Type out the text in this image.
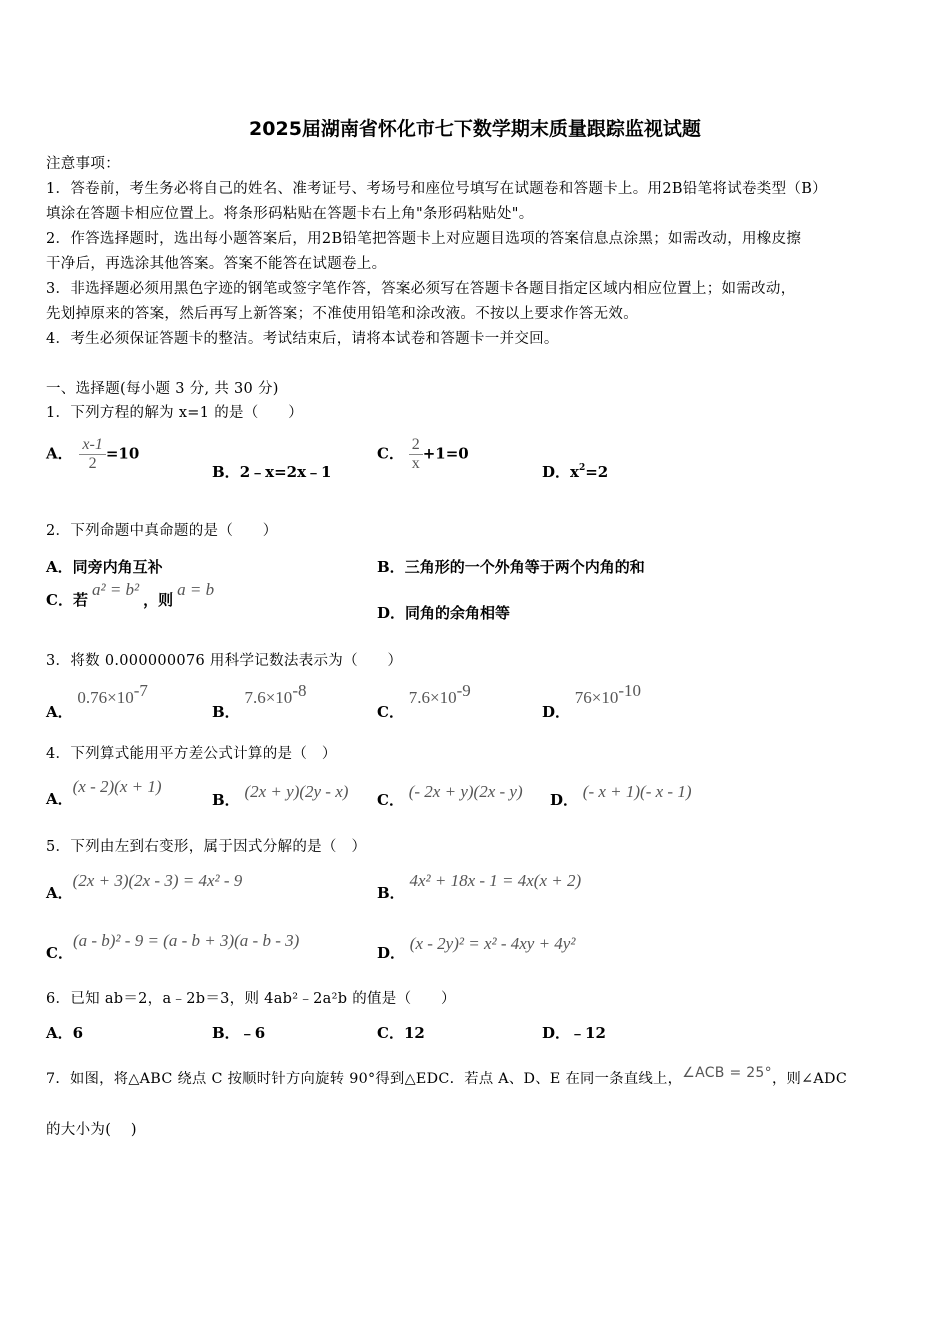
2025届湖南省怀化市七下数学期末质量跟踪监视试题
注意事项：
1．答卷前，考生务必将自己的姓名、准考证号、考场号和座位号填写在试题卷和答题卡上。用2B铅笔将试卷类型（B）
填涂在答题卡相应位置上。将条形码粘贴在答题卡右上角"条形码粘贴处"。
2．作答选择题时，选出每小题答案后，用2B铅笔把答题卡上对应题目选项的答案信息点涂黑；如需改动，用橡皮擦
干净后，再选涂其他答案。答案不能答在试题卷上。
3．非选择题必须用黑色字迹的钢笔或签字笔作答，答案必须写在答题卡各题目指定区域内相应位置上；如需改动，
先划掉原来的答案，然后再写上新答案；不准使用铅笔和涂改液。不按以上要求作答无效。
4．考生必须保证答题卡的整洁。考试结束后，请将本试卷和答题卡一并交回。
一、选择题(每小题 3 分, 共 30 分)
1．下列方程的解为 x=1 的是（　　）
A． $\frac{x-1}{2} =10$
B．2﹣x=2x﹣1
C． $\frac{2}{x} +1=0$
D．$x^2=2$
2．下列命题中真命题的是（　　）
A．同旁内角互补	B．三角形的一个外角等于两个内角的和
C．若a² = b²，则a = b
D．同角的余角相等
3．将数 0.000000076 用科学记数法表示为（　　）
A． $0.76\times 10^{-7}$
B． $7.6\times 10^{-8}$
C． $7.6\times 10^{-9}$
D． $76\times 10^{-10}$
4．下列算式能用平方差公式计算的是（　）
A．(x - 2)(x + 1)
B． (2x + y)(2y - x) C． (- 2x + y)(2x - y) D． (- x + 1)(- x - 1)
5．下列由左到右变形，属于因式分解的是（　）
A．(2x + 3)(2x - 3) = 4x² - 9
B． 4x² + 18x - 1 = 4x(x + 2)
C．(a - b)² - 9 = (a - b + 3)(a - b - 3)
D． (x - 2y)² = x² - 4xy + 4y²
6．已知 ab＝2，a﹣2b＝3，则 4ab²﹣2a²b 的值是（　　）
A．6	B．﹣6	C．12	D．﹣12
7．如图，将△ABC 绕点 C 按顺时针方向旋转 90°得到△EDC．若点 A、D、E 在同一条直线上，∠ACB = 25°，则∠ADC
的大小为(　 )
